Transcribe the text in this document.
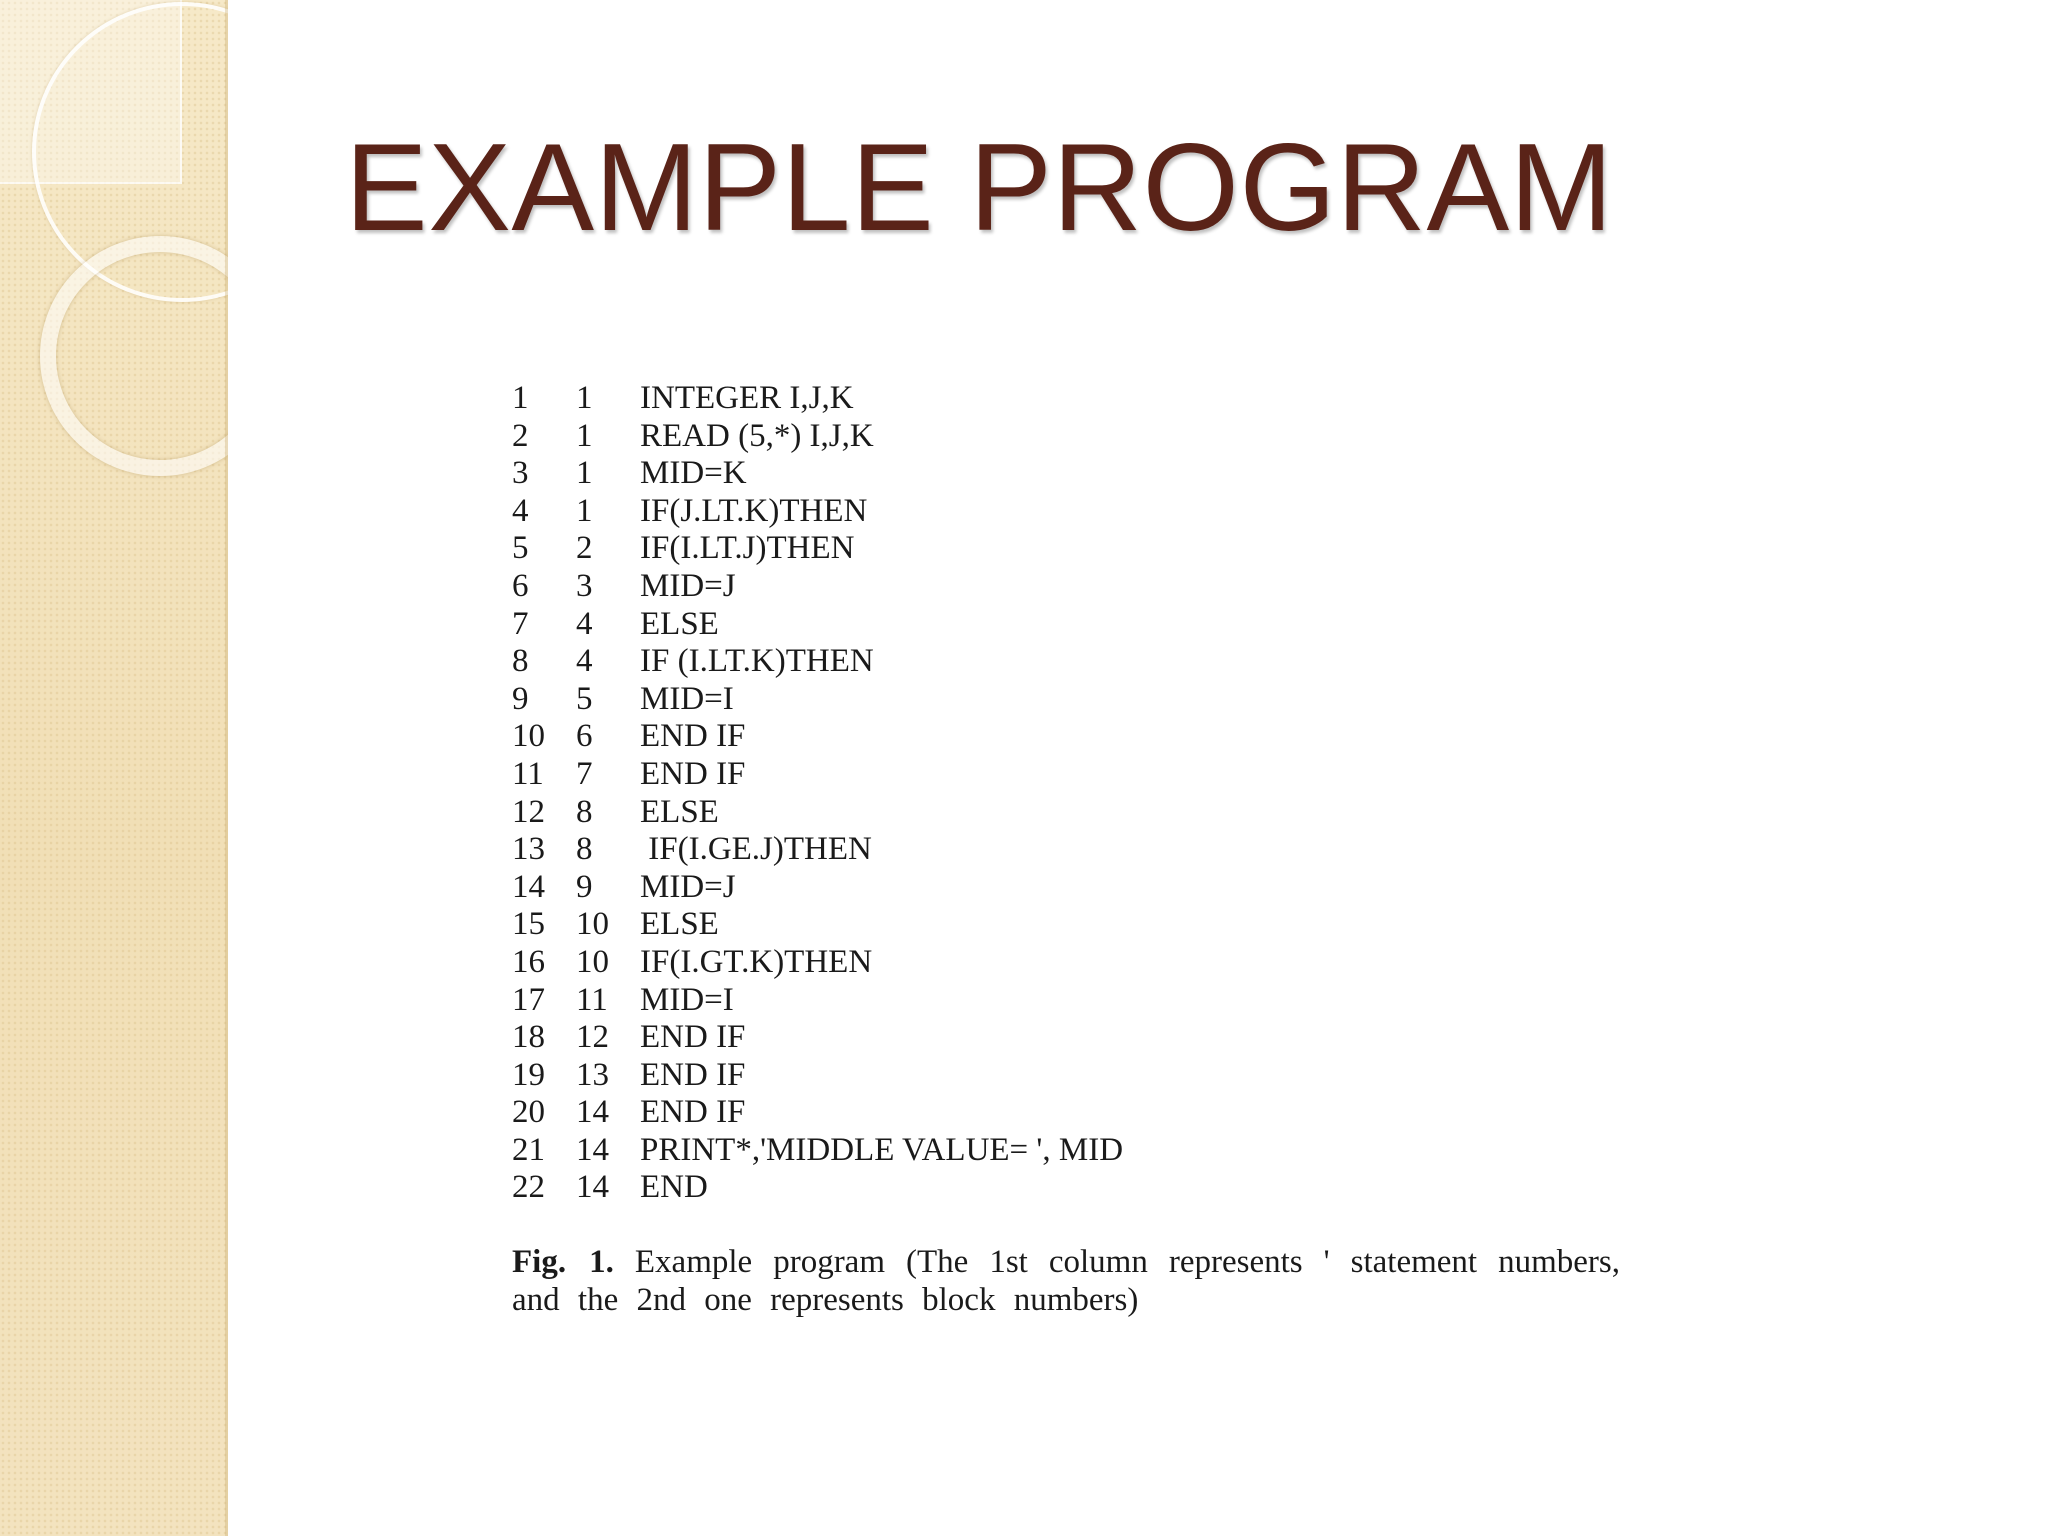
EXAMPLE PROGRAM
1 1 INTEGER I,J,K
2 1 READ (5,*) I,J,K
3 1 MID=K
4 1 IF(J.LT.K)THEN
5 2 IF(I.LT.J)THEN
6 3 MID=J
7 4 ELSE
8 4 IF (I.LT.K)THEN
9 5 MID=I
10 6 END IF
11 7 END IF
12 8 ELSE
13 8 IF(I.GE.J)THEN
14 9 MID=J
15 10 ELSE
16 10 IF(I.GT.K)THEN
17 11 MID=I
18 12 END IF
19 13 END IF
20 14 END IF
21 14 PRINT*,'MIDDLE VALUE= ', MID
22 14 END

Fig. 1. Example program (The 1st column represents ' statement numbers, and the 2nd one represents block numbers)
